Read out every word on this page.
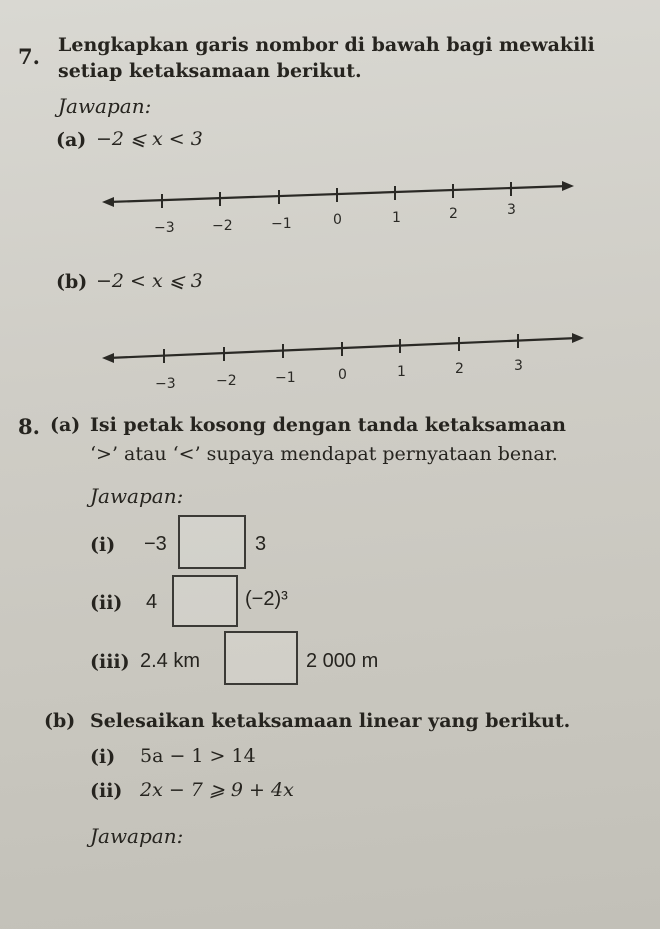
7. Lengkapkan garis nombor di bawah bagi mewakili
setiap ketaksamaan berikut.
Jawapan:
(a) −2 ⩽ x < 3
−3	−2	−1	0	1	2	3
(b) −2 < x ⩽ 3
−3	−2	−1	0	1	2	3
8. (a) Isi petak kosong dengan tanda ketaksamaan
‘>’ atau ‘<’ supaya mendapat pernyataan benar.
Jawapan:
(i) −3	3
(ii) 4	(−2)³
(iii) 2.4 km	2 000 m
(b) Selesaikan ketaksamaan linear yang berikut.
(i) 5a − 1 > 14
(ii) 2x − 7 ⩾ 9 + 4x
Jawapan:
